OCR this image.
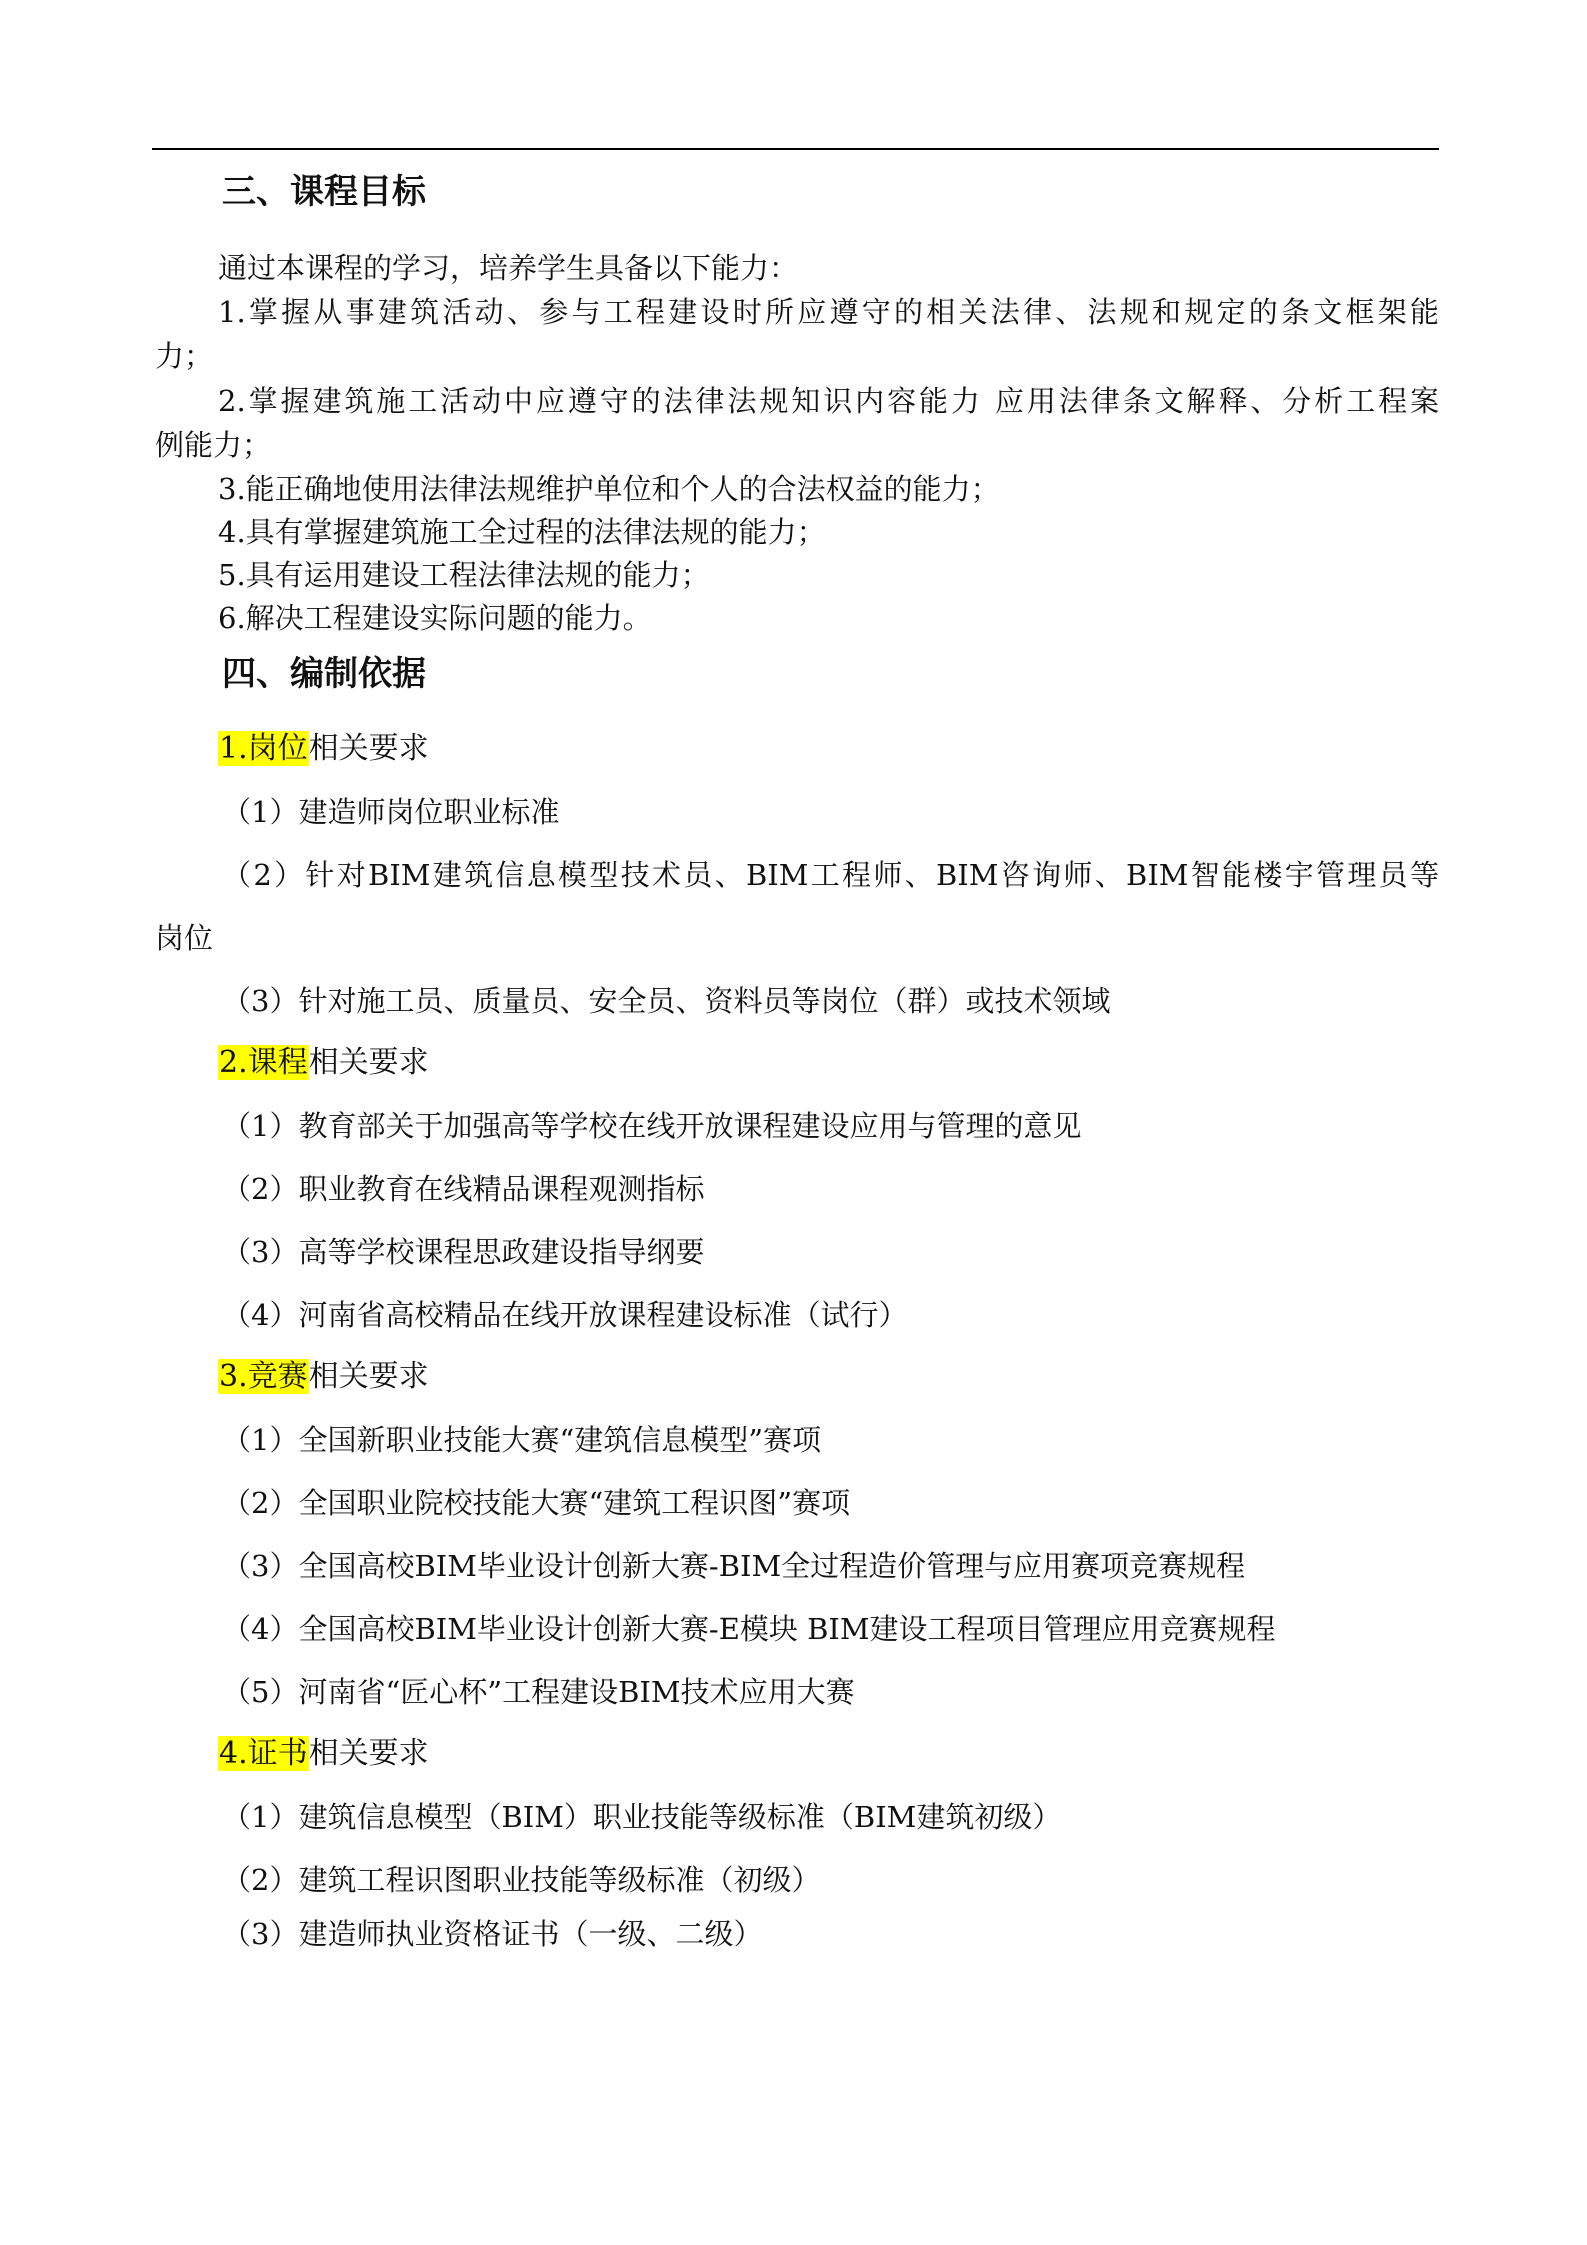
三、课程目标
通过本课程的学习，培养学生具备以下能力：
1.掌握从事建筑活动、参与工程建设时所应遵守的相关法律、法规和规定的条文框架能
力；
2.掌握建筑施工活动中应遵守的法律法规知识内容能力 应用法律条文解释、分析工程案
例能力；
3.能正确地使用法律法规维护单位和个人的合法权益的能力；
4.具有掌握建筑施工全过程的法律法规的能力；
5.具有运用建设工程法律法规的能力；
6.解决工程建设实际问题的能力。
四、编制依据
1.岗位相关要求
（1）建造师岗位职业标准
（2）针对BIM建筑信息模型技术员、BIM工程师、BIM咨询师、BIM智能楼宇管理员等
岗位
（3）针对施工员、质量员、安全员、资料员等岗位（群）或技术领域
2.课程相关要求
（1）教育部关于加强高等学校在线开放课程建设应用与管理的意见
（2）职业教育在线精品课程观测指标
（3）高等学校课程思政建设指导纲要
（4）河南省高校精品在线开放课程建设标准（试行）
3.竞赛相关要求
（1）全国新职业技能大赛“建筑信息模型”赛项
（2）全国职业院校技能大赛“建筑工程识图”赛项
（3）全国高校BIM毕业设计创新大赛-BIM全过程造价管理与应用赛项竞赛规程
（4）全国高校BIM毕业设计创新大赛-E模块 BIM建设工程项目管理应用竞赛规程
（5）河南省“匠心杯”工程建设BIM技术应用大赛
4.证书相关要求
（1）建筑信息模型（BIM）职业技能等级标准（BIM建筑初级）
（2）建筑工程识图职业技能等级标准（初级）
（3）建造师执业资格证书（一级、二级）
